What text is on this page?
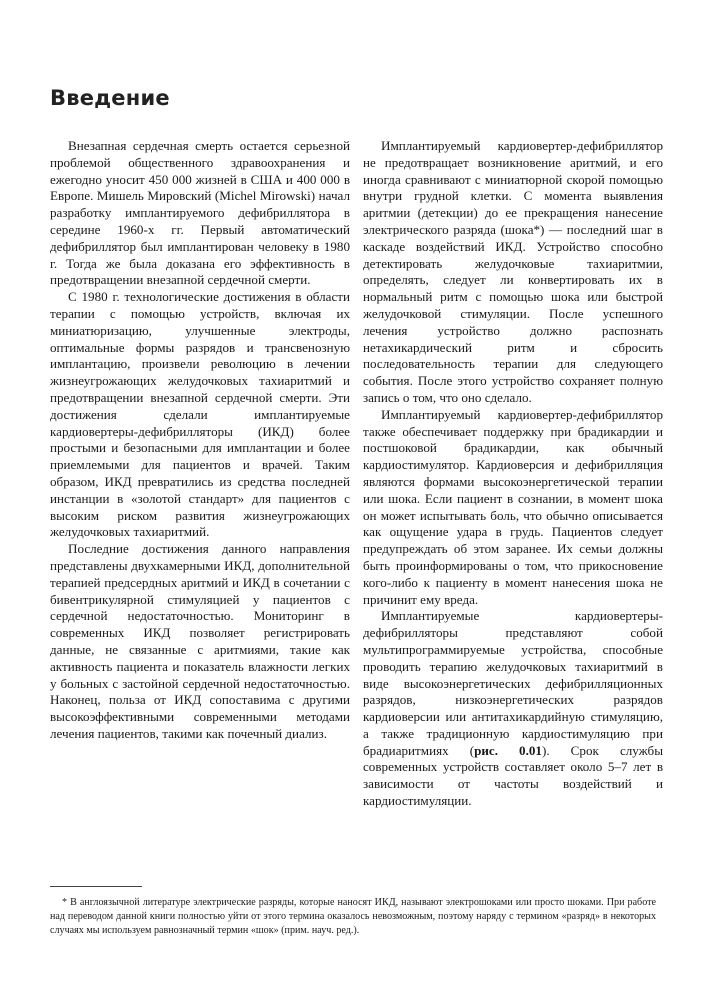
Введение

Внезапная сердечная смерть остается серьезной проблемой общественного здравоохранения и ежегодно уносит 450 000 жизней в США и 400 000 в Европе. Мишель Мировский (Michel Mirowski) начал разработку имплантируемого дефибриллятора в середине 1960-х гг. Первый автоматический дефибриллятор был имплантирован человеку в 1980 г. Тогда же была доказана его эффективность в предотвращении внезапной сердечной смерти.

С 1980 г. технологические достижения в области терапии с помощью устройств, включая их миниатюризацию, улучшенные электроды, оптимальные формы разрядов и трансвенозную имплантацию, произвели революцию в лечении жизнеугрожающих желудочковых тахиаритмий и предотвращении внезапной сердечной смерти. Эти достижения сделали имплантируемые кардиовертеры-дефибрилляторы (ИКД) более простыми и безопасными для имплантации и более приемлемыми для пациентов и врачей. Таким образом, ИКД превратились из средства последней инстанции в «золотой стандарт» для пациентов с высоким риском развития жизнеугрожающих желудочковых тахиаритмий.

Последние достижения данного направления представлены двухкамерными ИКД, дополнительной терапией предсердных аритмий и ИКД в сочетании с бивентрикулярной стимуляцией у пациентов с сердечной недостаточностью. Мониторинг в современных ИКД позволяет регистрировать данные, не связанные с аритмиями, такие как активность пациента и показатель влажности легких у больных с застойной сердечной недостаточностью. Наконец, польза от ИКД сопоставима с другими высокоэффективными современными методами лечения пациентов, такими как почечный диализ.

Имплантируемый кардиовертер-дефибриллятор не предотвращает возникновение аритмий, и его иногда сравнивают с миниатюрной скорой помощью внутри грудной клетки. С момента выявления аритмии (детекции) до ее прекращения нанесение электрического разряда (шока*) — последний шаг в каскаде воздействий ИКД. Устройство способно детектировать желудочковые тахиаритмии, определять, следует ли конвертировать их в нормальный ритм с помощью шока или быстрой желудочковой стимуляции. После успешного лечения устройство должно распознать нетахикардический ритм и сбросить последовательность терапии для следующего события. После этого устройство сохраняет полную запись о том, что оно сделало.

Имплантируемый кардиовертер-дефибриллятор также обеспечивает поддержку при брадикардии и постшоковой брадикардии, как обычный кардиостимулятор. Кардиоверсия и дефибрилляция являются формами высокоэнергетической терапии или шока. Если пациент в сознании, в момент шока он может испытывать боль, что обычно описывается как ощущение удара в грудь. Пациентов следует предупреждать об этом заранее. Их семьи должны быть проинформированы о том, что прикосновение кого-либо к пациенту в момент нанесения шока не причинит ему вреда.

Имплантируемые кардиовертеры-дефибрилляторы представляют собой мультипрограммируемые устройства, способные проводить терапию желудочковых тахиаритмий в виде высокоэнергетических дефибрилляционных разрядов, низкоэнергетических разрядов кардиоверсии или антитахикардийную стимуляцию, а также традиционную кардиостимуляцию при брадиаритмиях (рис. 0.01). Срок службы современных устройств составляет около 5–7 лет в зависимости от частоты воздействий и кардиостимуляции.

* В англоязычной литературе электрические разряды, которые наносят ИКД, называют электрошоками или просто шоками. При работе над переводом данной книги полностью уйти от этого термина оказалось невозможным, поэтому наряду с термином «разряд» в некоторых случаях мы используем равнозначный термин «шок» (прим. науч. ред.).
